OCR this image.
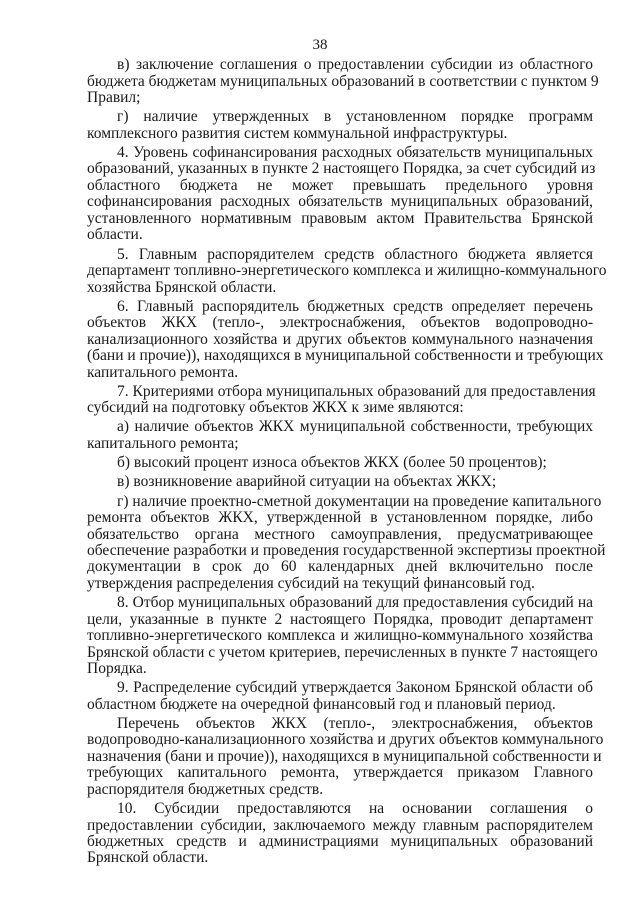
38
в) заключение соглашения о предоставлении субсидии из областного
бюджета бюджетам муниципальных образований в соответствии с пунктом 9
Правил;
г) наличие утвержденных в установленном порядке программ
комплексного развития систем коммунальной инфраструктуры.
4. Уровень софинансирования расходных обязательств муниципальных
образований, указанных в пункте 2 настоящего Порядка, за счет субсидий из
областного бюджета не может превышать предельного уровня
софинансирования расходных обязательств муниципальных образований,
установленного нормативным правовым актом Правительства Брянской
области.
5. Главным распорядителем средств областного бюджета является
департамент топливно-энергетического комплекса и жилищно-коммунального
хозяйства Брянской области.
6. Главный распорядитель бюджетных средств определяет перечень
объектов ЖКХ (тепло-, электроснабжения, объектов водопроводно-
канализационного хозяйства и других объектов коммунального назначения
(бани и прочие)), находящихся в муниципальной собственности и требующих
капитального ремонта.
7. Критериями отбора муниципальных образований для предоставления
субсидий на подготовку объектов ЖКХ к зиме являются:
а) наличие объектов ЖКХ муниципальной собственности, требующих
капитального ремонта;
б) высокий процент износа объектов ЖКХ (более 50 процентов);
в) возникновение аварийной ситуации на объектах ЖКХ;
г) наличие проектно-сметной документации на проведение капитального
ремонта объектов ЖКХ, утвержденной в установленном порядке, либо
обязательство органа местного самоуправления, предусматривающее
обеспечение разработки и проведения государственной экспертизы проектной
документации в срок до 60 календарных дней включительно после
утверждения распределения субсидий на текущий финансовый год.
8. Отбор муниципальных образований для предоставления субсидий на
цели, указанные в пункте 2 настоящего Порядка, проводит департамент
топливно-энергетического комплекса и жилищно-коммунального хозяйства
Брянской области с учетом критериев, перечисленных в пункте 7 настоящего
Порядка.
9. Распределение субсидий утверждается Законом Брянской области об
областном бюджете на очередной финансовый год и плановый период.
Перечень объектов ЖКХ (тепло-, электроснабжения, объектов
водопроводно-канализационного хозяйства и других объектов коммунального
назначения (бани и прочие)), находящихся в муниципальной собственности и
требующих капитального ремонта, утверждается приказом Главного
распорядителя бюджетных средств.
10. Субсидии предоставляются на основании соглашения о
предоставлении субсидии, заключаемого между главным распорядителем
бюджетных средств и администрациями муниципальных образований
Брянской области.
